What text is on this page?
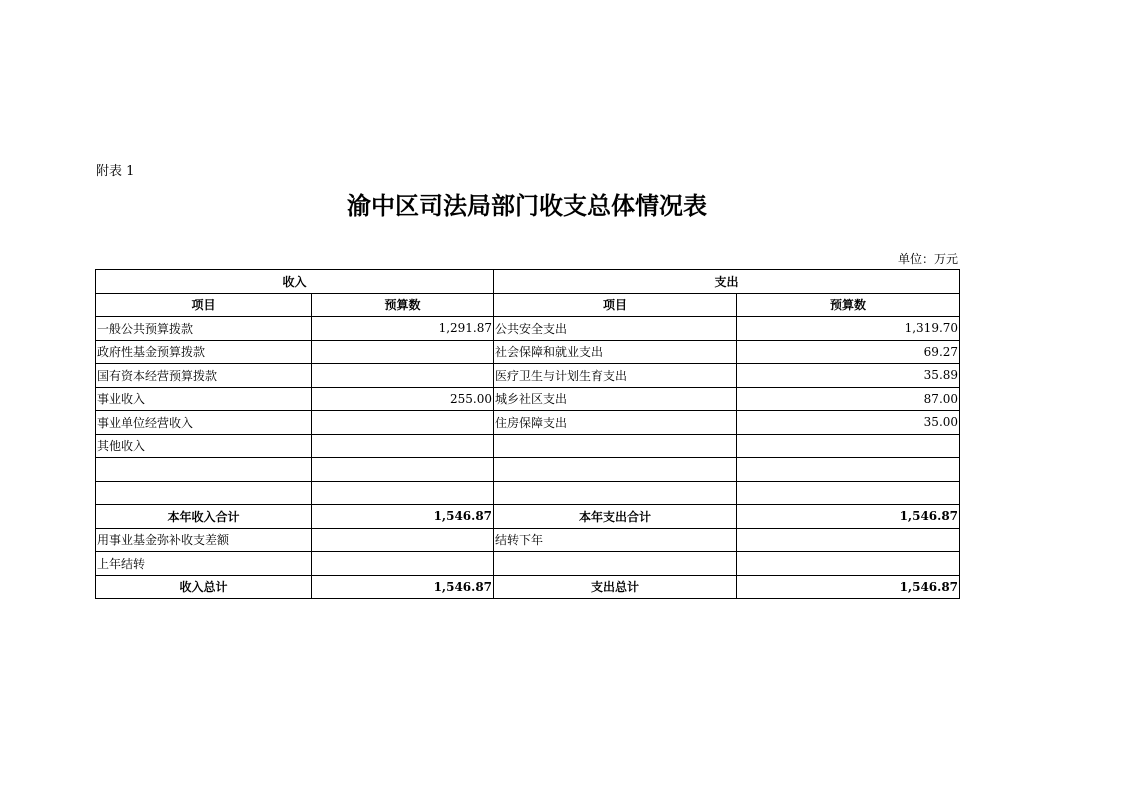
附表 1
渝中区司法局部门收支总体情况表
单位：万元
收入		支出	
项目	预算数	项目	预算数
一般公共预算拨款	1,291.87	公共安全支出	1,319.70
政府性基金预算拨款		社会保障和就业支出	69.27
国有资本经营预算拨款		医疗卫生与计划生育支出	35.89
事业收入	255.00	城乡社区支出	87.00
事业单位经营收入		住房保障支出	35.00
其他收入			

本年收入合计	1,546.87	本年支出合计	1,546.87
用事业基金弥补收支差额		结转下年	
上年结转			
收入总计	1,546.87	支出总计	1,546.87
